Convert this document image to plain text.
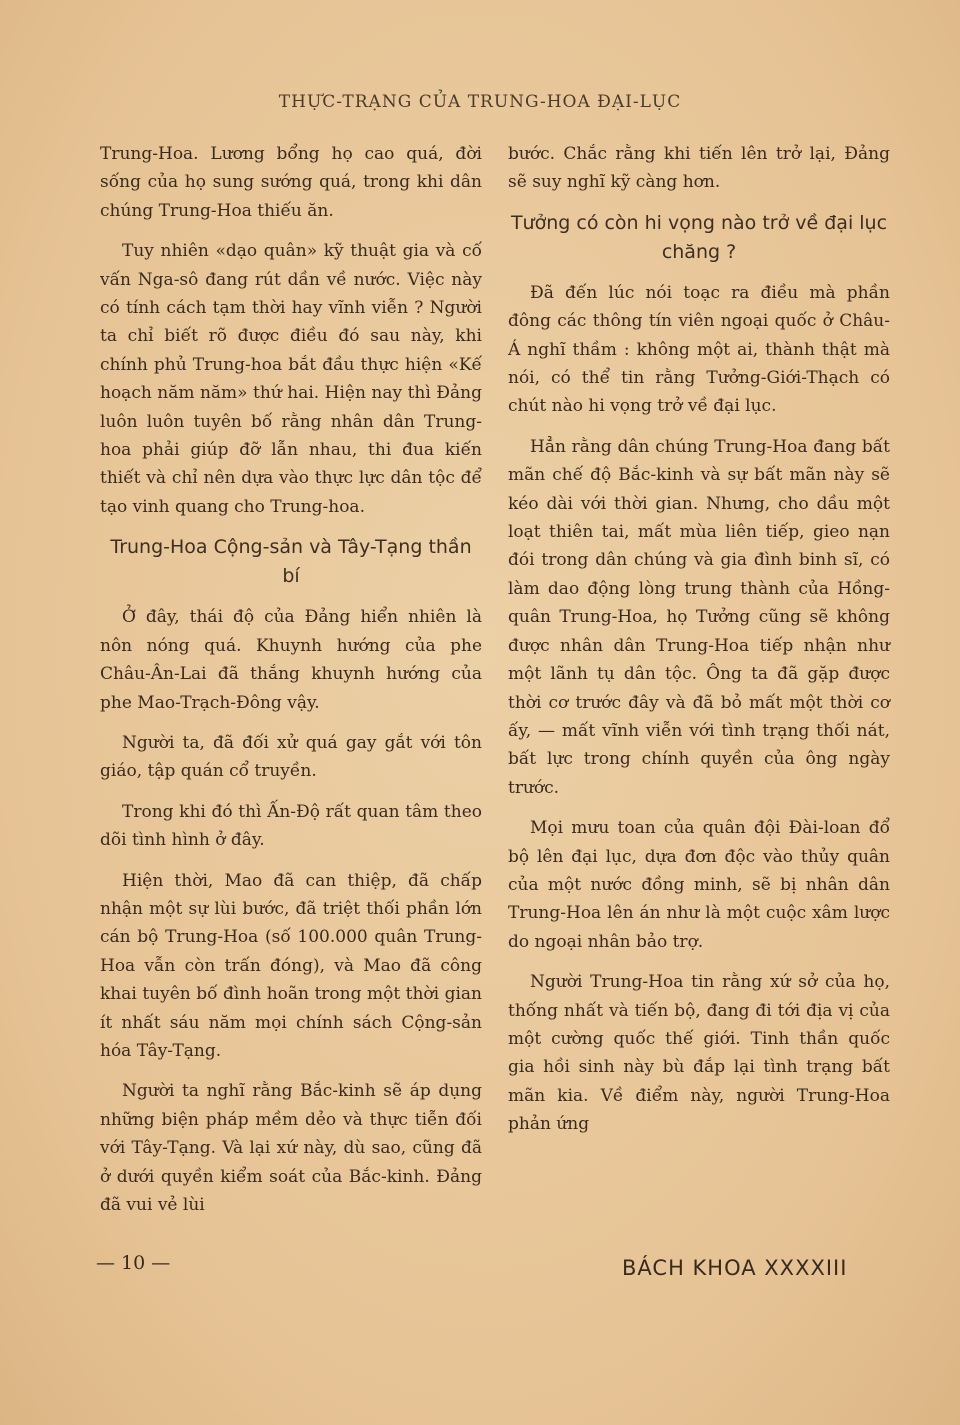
THỰC-TRẠNG CỦA TRUNG-HOA ĐẠI-LỤC

Trung-Hoa. Lương bổng họ cao quá, đời sống của họ sung sướng quá, trong khi dân chúng Trung-Hoa thiếu ăn.

Tuy nhiên «dạo quân» kỹ thuật gia và cố vấn Nga-sô đang rút dần về nước. Việc này có tính cách tạm thời hay vĩnh viễn ? Người ta chỉ biết rõ được điều đó sau này, khi chính phủ Trung-hoa bắt đầu thực hiện «Kế hoạch năm năm» thứ hai. Hiện nay thì Đảng luôn luôn tuyên bố rằng nhân dân Trung-hoa phải giúp đỡ lẫn nhau, thi đua kiến thiết và chỉ nên dựa vào thực lực dân tộc để tạo vinh quang cho Trung-hoa.

Trung-Hoa Cộng-sản và Tây-Tạng thần bí

Ở đây, thái độ của Đảng hiển nhiên là nôn nóng quá. Khuynh hướng của phe Châu-Ân-Lai đã thắng khuynh hướng của phe Mao-Trạch-Đông vậy.

Người ta, đã đối xử quá gay gắt với tôn giáo, tập quán cổ truyền.

Trong khi đó thì Ấn-Độ rất quan tâm theo dõi tình hình ở đây.

Hiện thời, Mao đã can thiệp, đã chấp nhận một sự lùi bước, đã triệt thối phần lớn cán bộ Trung-Hoa (số 100.000 quân Trung-Hoa vẫn còn trấn đóng), và Mao đã công khai tuyên bố đình hoãn trong một thời gian ít nhất sáu năm mọi chính sách Cộng-sản hóa Tây-Tạng.

Người ta nghĩ rằng Bắc-kinh sẽ áp dụng những biện pháp mềm dẻo và thực tiễn đối với Tây-Tạng. Và lại xứ này, dù sao, cũng đã ở dưới quyền kiểm soát của Bắc-kinh. Đảng đã vui vẻ lùi

bước. Chắc rằng khi tiến lên trở lại, Đảng sẽ suy nghĩ kỹ càng hơn.

Tưởng có còn hi vọng nào trở về đại lục chăng ?

Đã đến lúc nói toạc ra điều mà phần đông các thông tín viên ngoại quốc ở Châu-Á nghĩ thầm : không một ai, thành thật mà nói, có thể tin rằng Tưởng-Giới-Thạch có chút nào hi vọng trở về đại lục.

Hẳn rằng dân chúng Trung-Hoa đang bất mãn chế độ Bắc-kinh và sự bất mãn này sẽ kéo dài với thời gian. Nhưng, cho dầu một loạt thiên tai, mất mùa liên tiếp, gieo nạn đói trong dân chúng và gia đình binh sĩ, có làm dao động lòng trung thành của Hồng-quân Trung-Hoa, họ Tưởng cũng sẽ không được nhân dân Trung-Hoa tiếp nhận như một lãnh tụ dân tộc. Ông ta đã gặp được thời cơ trước đây và đã bỏ mất một thời cơ ấy, — mất vĩnh viễn với tình trạng thối nát, bất lực trong chính quyền của ông ngày trước.

Mọi mưu toan của quân đội Đài-loan đổ bộ lên đại lục, dựa đơn độc vào thủy quân của một nước đồng minh, sẽ bị nhân dân Trung-Hoa lên án như là một cuộc xâm lược do ngoại nhân bảo trợ.

Người Trung-Hoa tin rằng xứ sở của họ, thống nhất và tiến bộ, đang đi tới địa vị của một cường quốc thế giới. Tinh thần quốc gia hồi sinh này bù đắp lại tình trạng bất mãn kia. Về điểm này, người Trung-Hoa phản ứng

— 10 —	BÁCH KHOA XXXXIII
